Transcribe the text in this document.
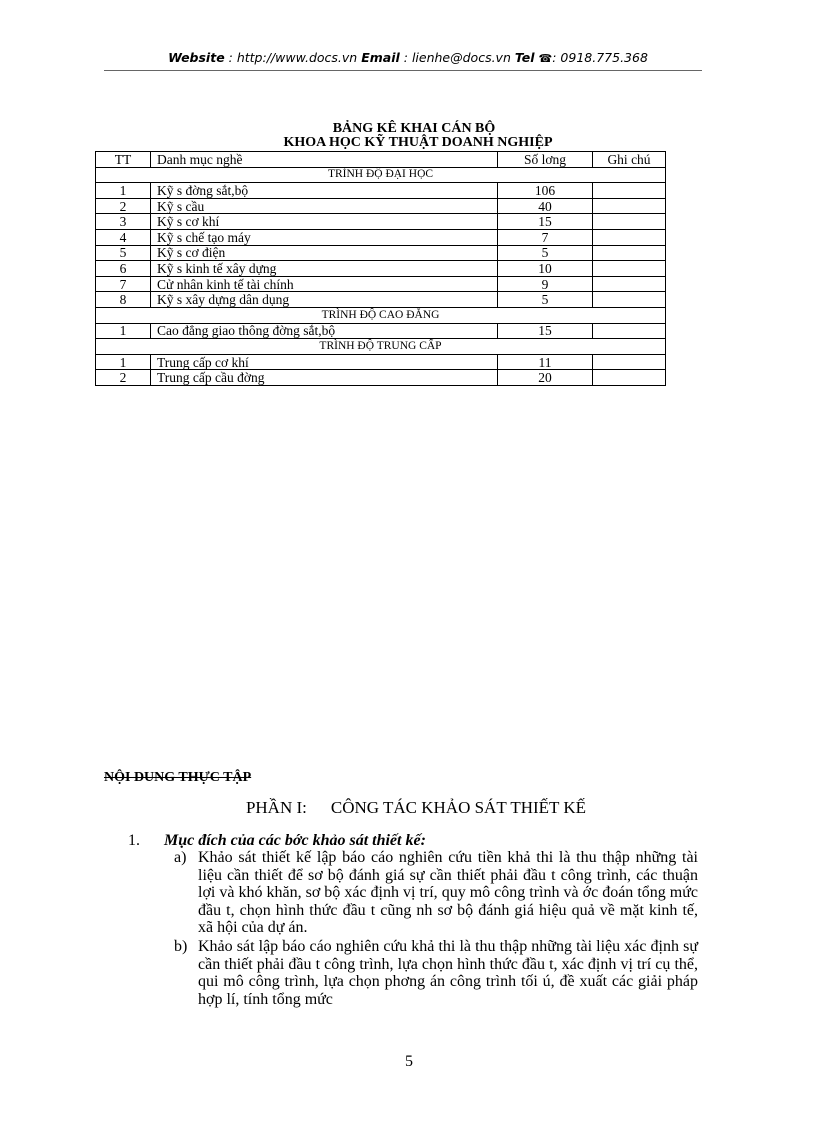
Website : http://www.docs.vn Email : lienhe@docs.vn Tel ☎: 0918.775.368
BẢNG KÊ KHAI CÁN BỘ
KHOA HỌC KỸ THUẬT DOANH NGHIỆP
TT	Danh mục nghề	Số lơng	Ghi chú
TRÌNH ĐỘ ĐẠI HỌC			
1	Kỹ s đờng sắt,bộ	106	
2	Kỹ s cầu	40	
3	Kỹ s cơ khí	15	
4	Kỹ s chế tạo máy	7	
5	Kỹ s cơ điện	5	
6	Kỹ s kinh tế xây dựng	10	
7	Cử nhân kinh tế tài chính	9	
8	Kỹ s xây dựng dân dụng	5	
TRÌNH ĐỘ CAO ĐẲNG			
1	Cao đẳng giao thông đờng sắt,bộ	15	
TRÌNH ĐỘ TRUNG CẤP			
1	Trung cấp cơ khí	11	
2	Trung cấp cầu đờng	20	
NỘI DUNG THỰC TẬP
PHẦN I: CÔNG TÁC KHẢO SÁT THIẾT KẾ
1. Mục đích của các bớc khảo sát thiết kế:
a) Khảo sát thiết kế lập báo cáo nghiên cứu tiền khả thi là thu thập những tài liệu cần thiết để sơ bộ đánh giá sự cần thiết phải đầu t công trình, các thuận lợi và khó khăn, sơ bộ xác định vị trí, quy mô công trình và ớc đoán tổng mức đầu t, chọn hình thức đầu t cũng nh sơ bộ đánh giá hiệu quả về mặt kinh tế, xã hội của dự án.
b) Khảo sát lập báo cáo nghiên cứu khả thi là thu thập những tài liệu xác định sự cần thiết phải đầu t công trình, lựa chọn hình thức đầu t, xác định vị trí cụ thể, qui mô công trình, lựa chọn phơng án công trình tối ú, đề xuất các giải pháp hợp lí, tính tổng mức
5
